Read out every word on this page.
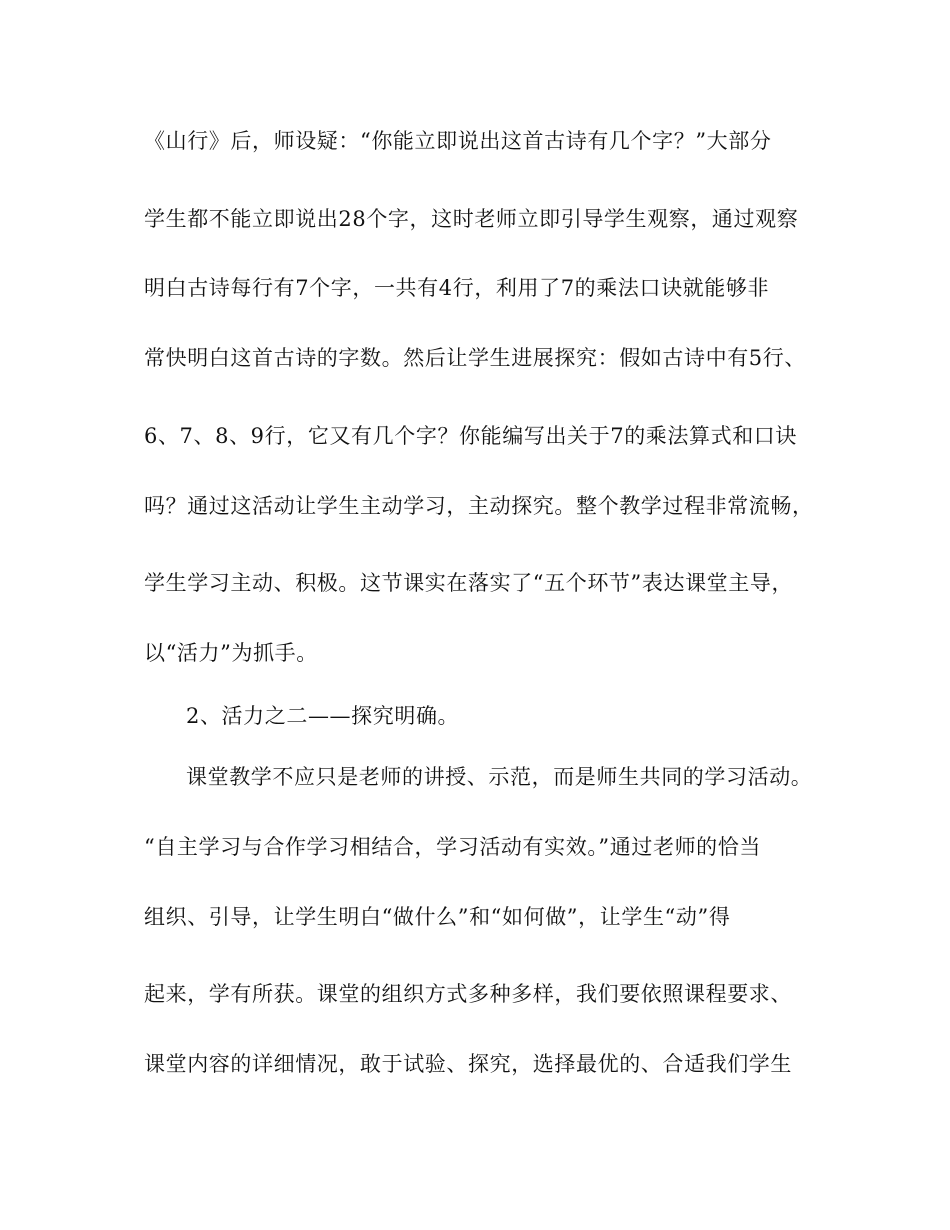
《山行》后，师设疑：“你能立即说出这首古诗有几个字？”大部分
学生都不能立即说出28个字，这时老师立即引导学生观察，通过观察
明白古诗每行有7个字，一共有4行，利用了7的乘法口诀就能够非
常快明白这首古诗的字数。然后让学生进展探究：假如古诗中有5行、
6、7、8、9行，它又有几个字？你能编写出关于7的乘法算式和口诀
吗？通过这活动让学生主动学习，主动探究。整个教学过程非常流畅，
学生学习主动、积极。这节课实在落实了“五个环节”表达课堂主导，
以“活力”为抓手。
2、活力之二——探究明确。
课堂教学不应只是老师的讲授、示范，而是师生共同的学习活动。
“自主学习与合作学习相结合，学习活动有实效。”通过老师的恰当
组织、引导，让学生明白“做什么”和“如何做”，让学生“动”得
起来，学有所获。课堂的组织方式多种多样，我们要依照课程要求、
课堂内容的详细情况，敢于试验、探究，选择最优的、合适我们学生
